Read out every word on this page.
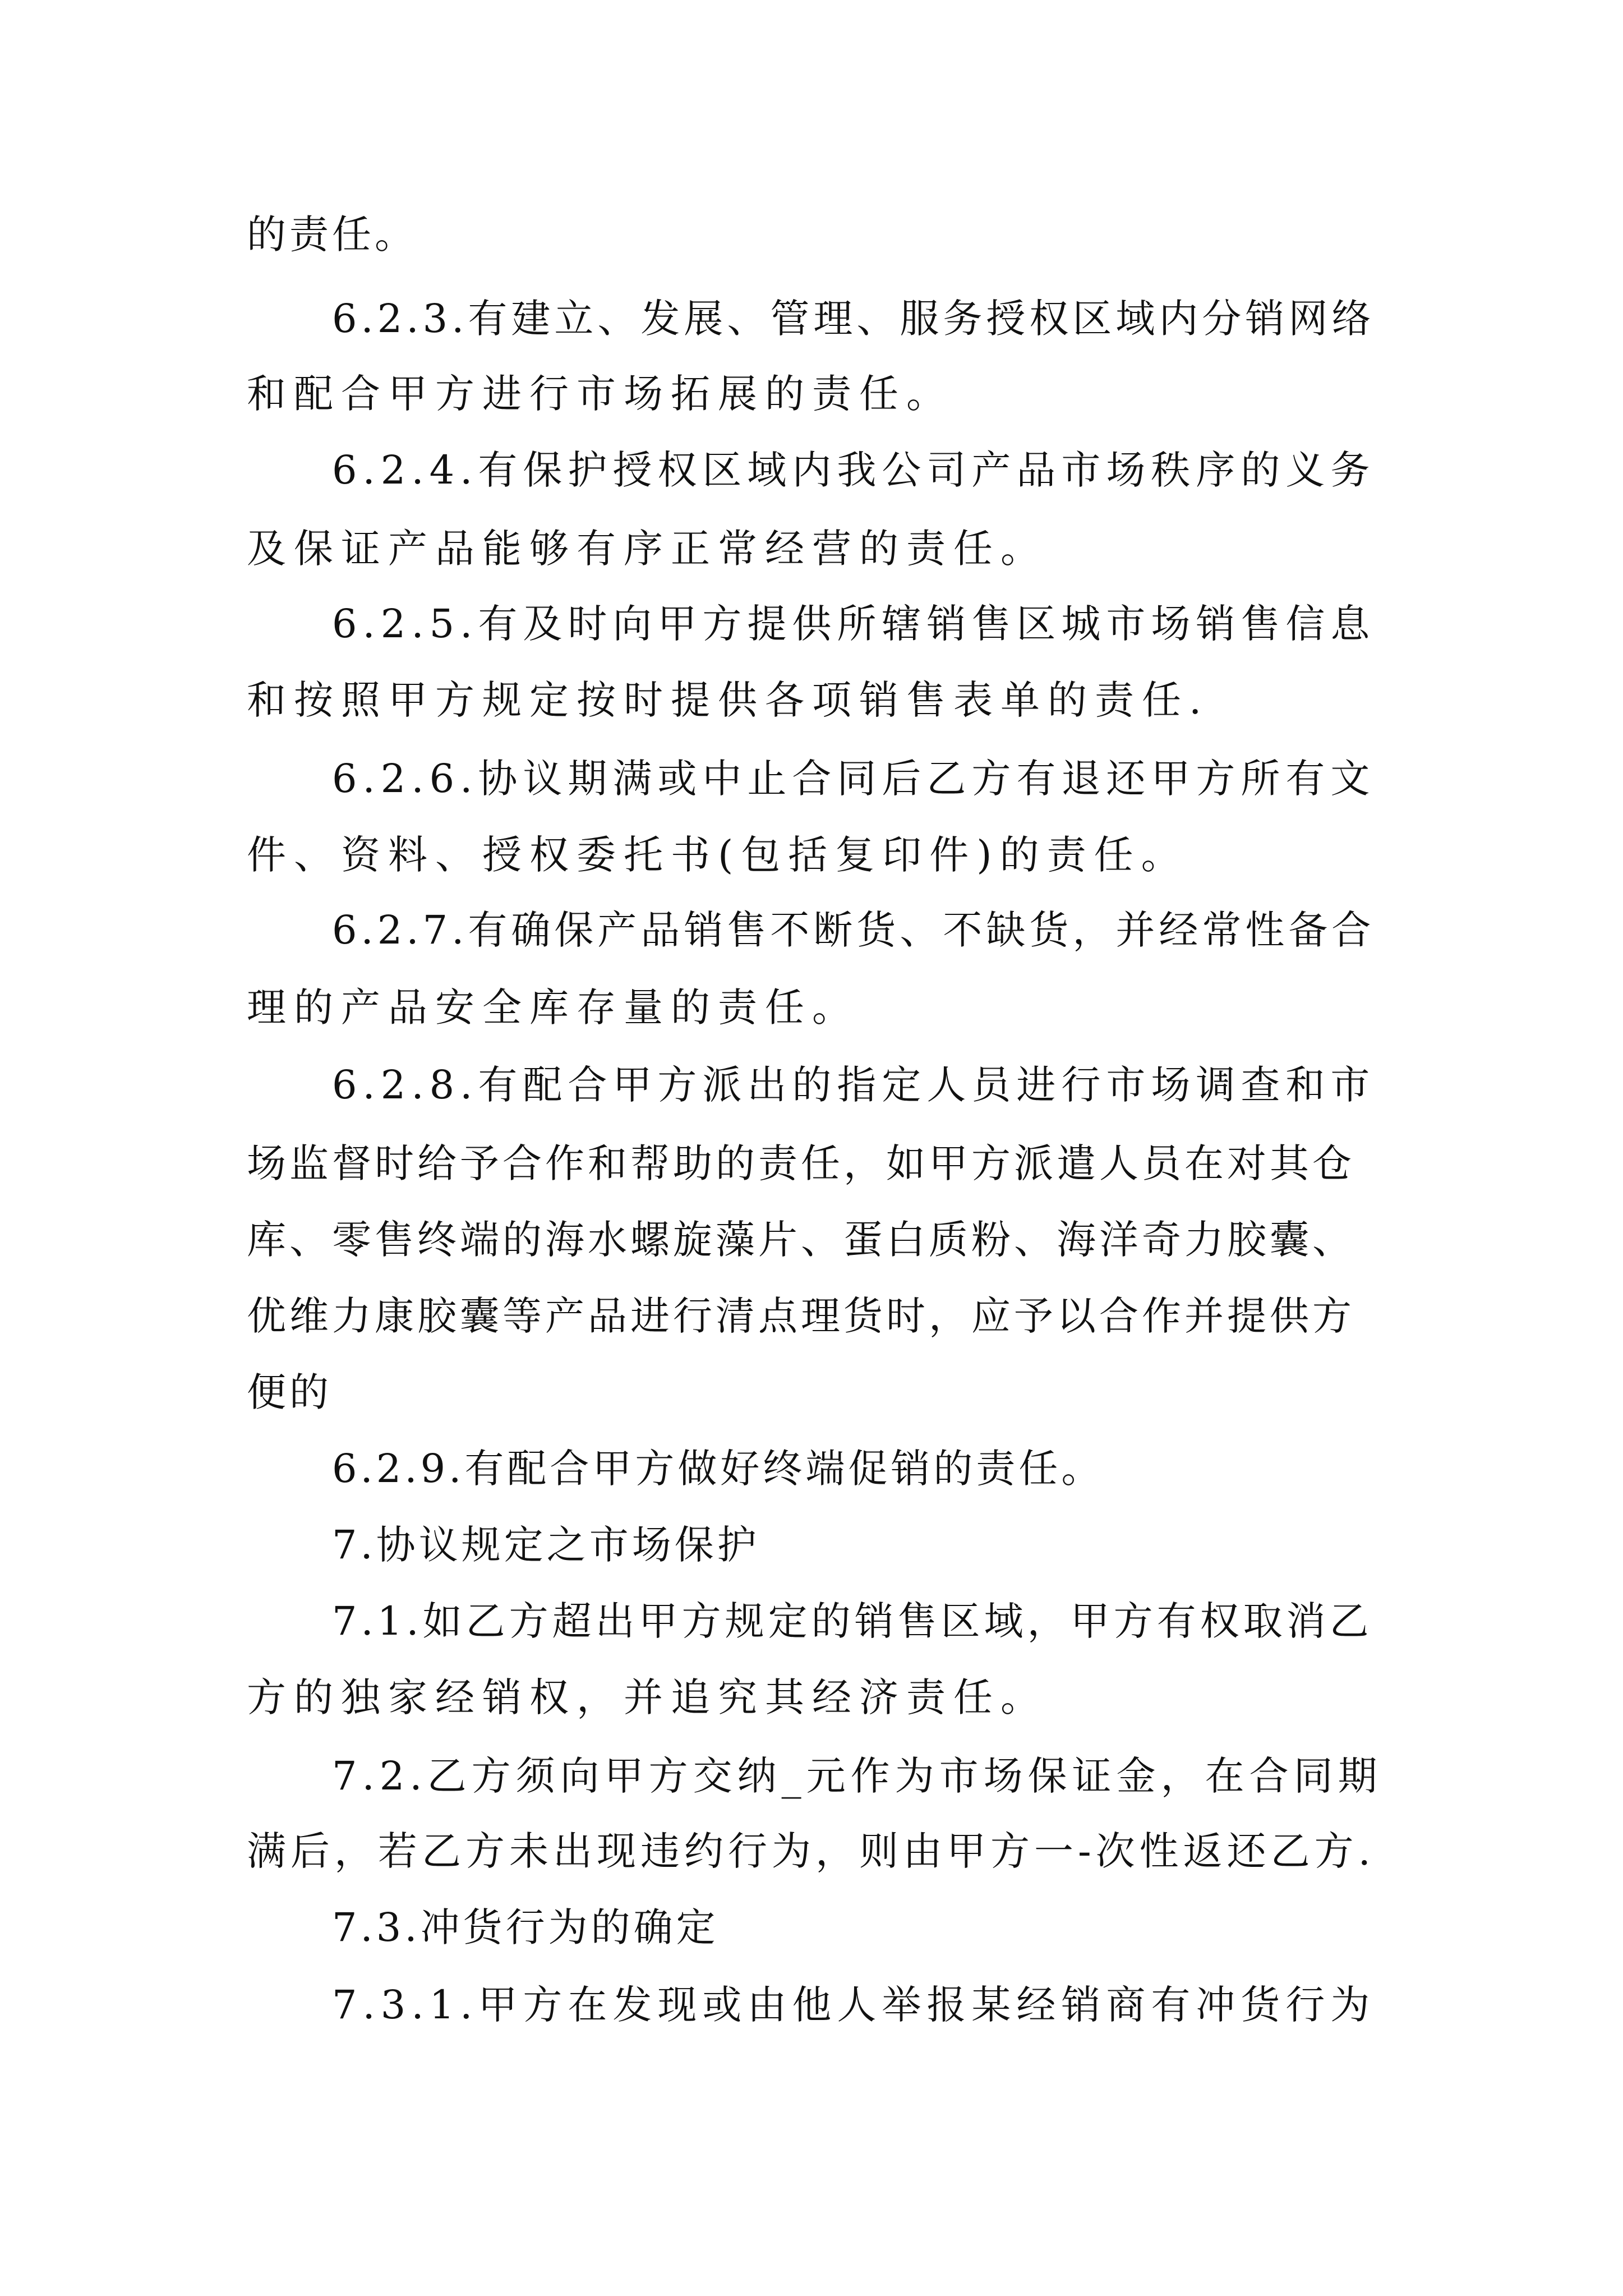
的责任。
6.2.3.有建立、发展、管理、服务授权区域内分销网络
和配合甲方进行市场拓展的责任。
6.2.4.有保护授权区域内我公司产品市场秩序的义务
及保证产品能够有序正常经营的责任。
6.2.5.有及时向甲方提供所辖销售区城市场销售信息
和按照甲方规定按时提供各项销售表单的责任.
6.2.6.协议期满或中止合同后乙方有退还甲方所有文
件、资料、授权委托书(包括复印件)的责任。
6.2.7.有确保产品销售不断货、不缺货，并经常性备合
理的产品安全库存量的责任。
6.2.8.有配合甲方派出的指定人员进行市场调查和市
场监督时给予合作和帮助的责任，如甲方派遣人员在对其仓
库、零售终端的海水螺旋藻片、蛋白质粉、海洋奇力胶囊、
优维力康胶囊等产品进行清点理货时，应予以合作并提供方
便的
6.2.9.有配合甲方做好终端促销的责任。
7.协议规定之市场保护
7.1.如乙方超出甲方规定的销售区域，甲方有权取消乙
方的独家经销权，并追究其经济责任。
7.2.乙方须向甲方交纳_元作为市场保证金，在合同期
满后，若乙方未出现违约行为，则由甲方一-次性返还乙方.
7.3.冲货行为的确定
7.3.1.甲方在发现或由他人举报某经销商有冲货行为
